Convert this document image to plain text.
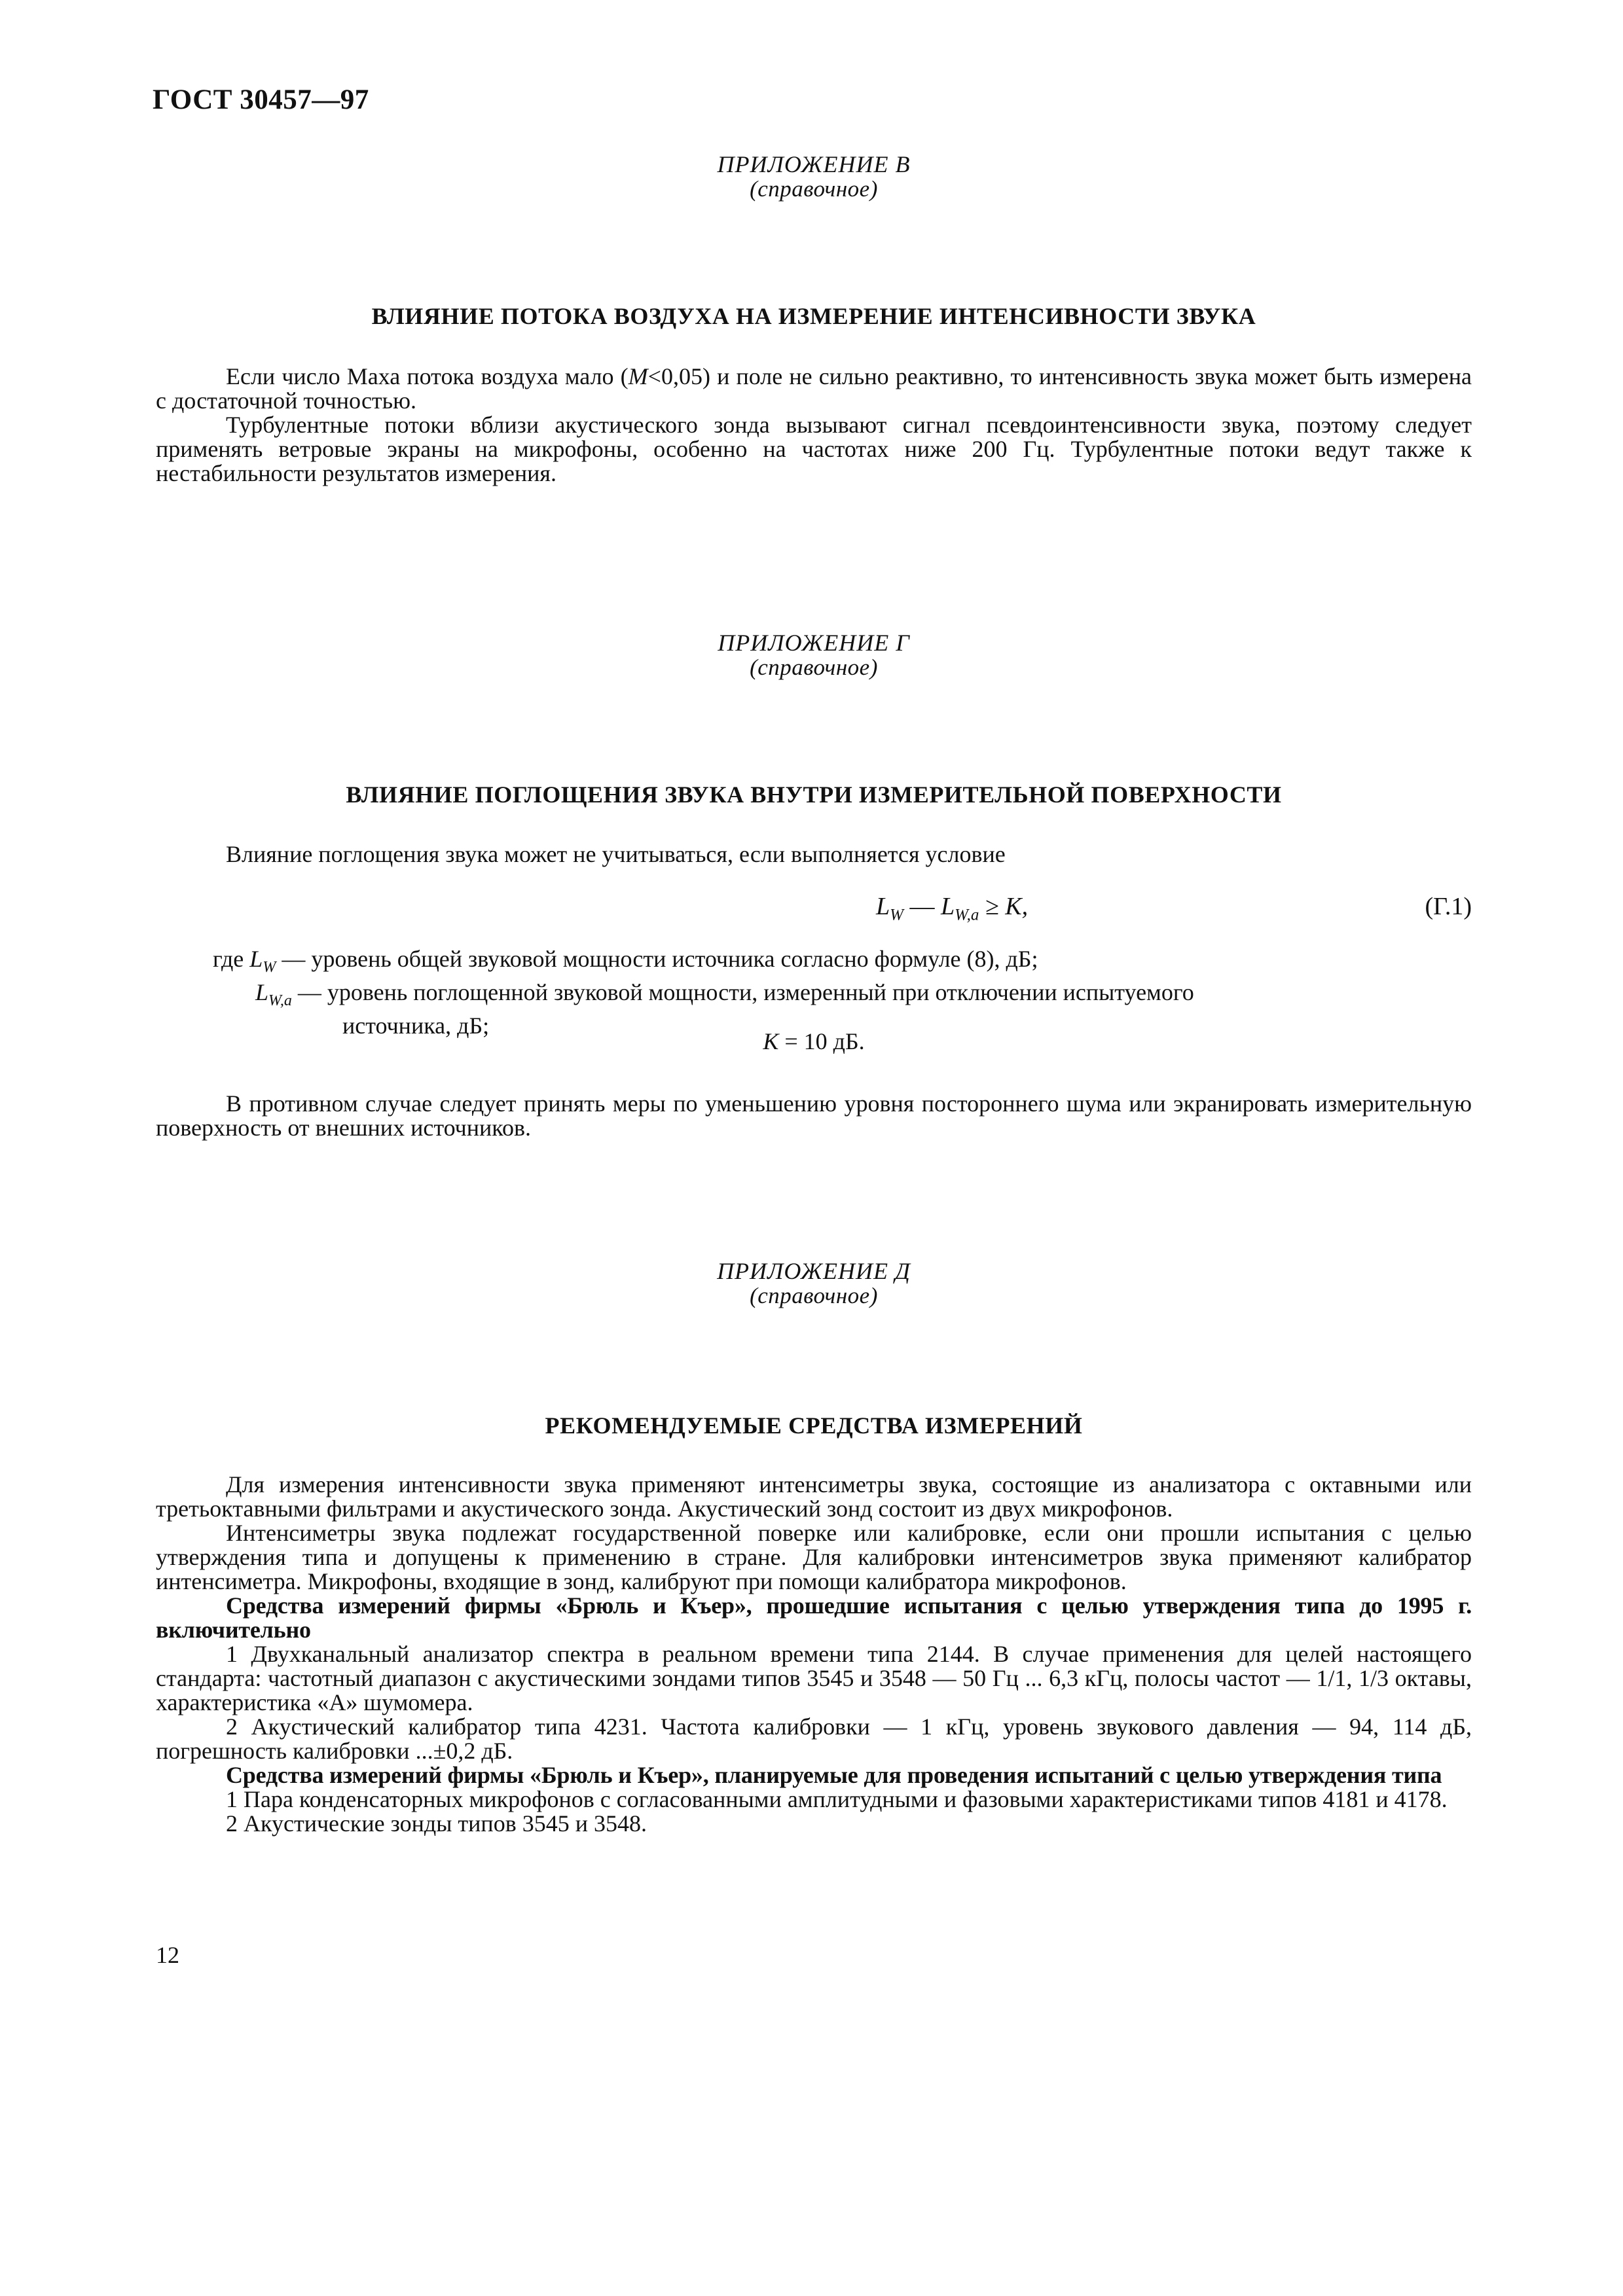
ГОСТ 30457—97
ПРИЛОЖЕНИЕ В
(справочное)
ВЛИЯНИЕ ПОТОКА ВОЗДУХА НА ИЗМЕРЕНИЕ ИНТЕНСИВНОСТИ ЗВУКА

Если число Маха потока воздуха мало (M<0,05) и поле не сильно реактивно, то интенсивность звука может быть измерена с достаточной точностью.

Турбулентные потоки вблизи акустического зонда вызывают сигнал псевдоинтенсивности звука, поэтому следует применять ветровые экраны на микрофоны, особенно на частотах ниже 200 Гц. Турбулентные потоки ведут также к нестабильности результатов измерения.

ПРИЛОЖЕНИЕ Г
(справочное)
ВЛИЯНИЕ ПОГЛОЩЕНИЯ ЗВУКА ВНУТРИ ИЗМЕРИТЕЛЬНОЙ ПОВЕРХНОСТИ

Влияние поглощения звука может не учитываться, если выполняется условие

$L_W$ — $L_{W,a} \ge K$,	(Г.1)
где $L_W$ — уровень общей звуковой мощности источника согласно формуле (8), дБ;
$L_{W,a}$ — уровень поглощенной звуковой мощности, измеренный при отключении испытуемого
источника, дБ;
K = 10 дБ.

В противном случае следует принять меры по уменьшению уровня постороннего шума или экранировать измерительную поверхность от внешних источников.

ПРИЛОЖЕНИЕ Д
(справочное)
РЕКОМЕНДУЕМЫЕ СРЕДСТВА ИЗМЕРЕНИЙ

Для измерения интенсивности звука применяют интенсиметры звука, состоящие из анализатора с октавными или третьоктавными фильтрами и акустического зонда. Акустический зонд состоит из двух микрофонов.

Интенсиметры звука подлежат государственной поверке или калибровке, если они прошли испытания с целью утверждения типа и допущены к применению в стране. Для калибровки интенсиметров звука применяют калибратор интенсиметра. Микрофоны, входящие в зонд, калибруют при помощи калибратора микрофонов.

Средства измерений фирмы «Брюль и Къер», прошедшие испытания с целью утверждения типа до 1995 г. включительно

1 Двухканальный анализатор спектра в реальном времени типа 2144. В случае применения для целей настоящего стандарта: частотный диапазон с акустическими зондами типов 3545 и 3548 — 50 Гц ... 6,3 кГц, полосы частот — 1/1, 1/3 октавы, характеристика «А» шумомера.

2 Акустический калибратор типа 4231. Частота калибровки — 1 кГц, уровень звукового давления — 94, 114 дБ, погрешность калибровки ...±0,2 дБ.

Средства измерений фирмы «Брюль и Къер», планируемые для проведения испытаний с целью утверждения типа

1 Пара конденсаторных микрофонов с согласованными амплитудными и фазовыми характеристиками типов 4181 и 4178.

2 Акустические зонды типов 3545 и 3548.

12
